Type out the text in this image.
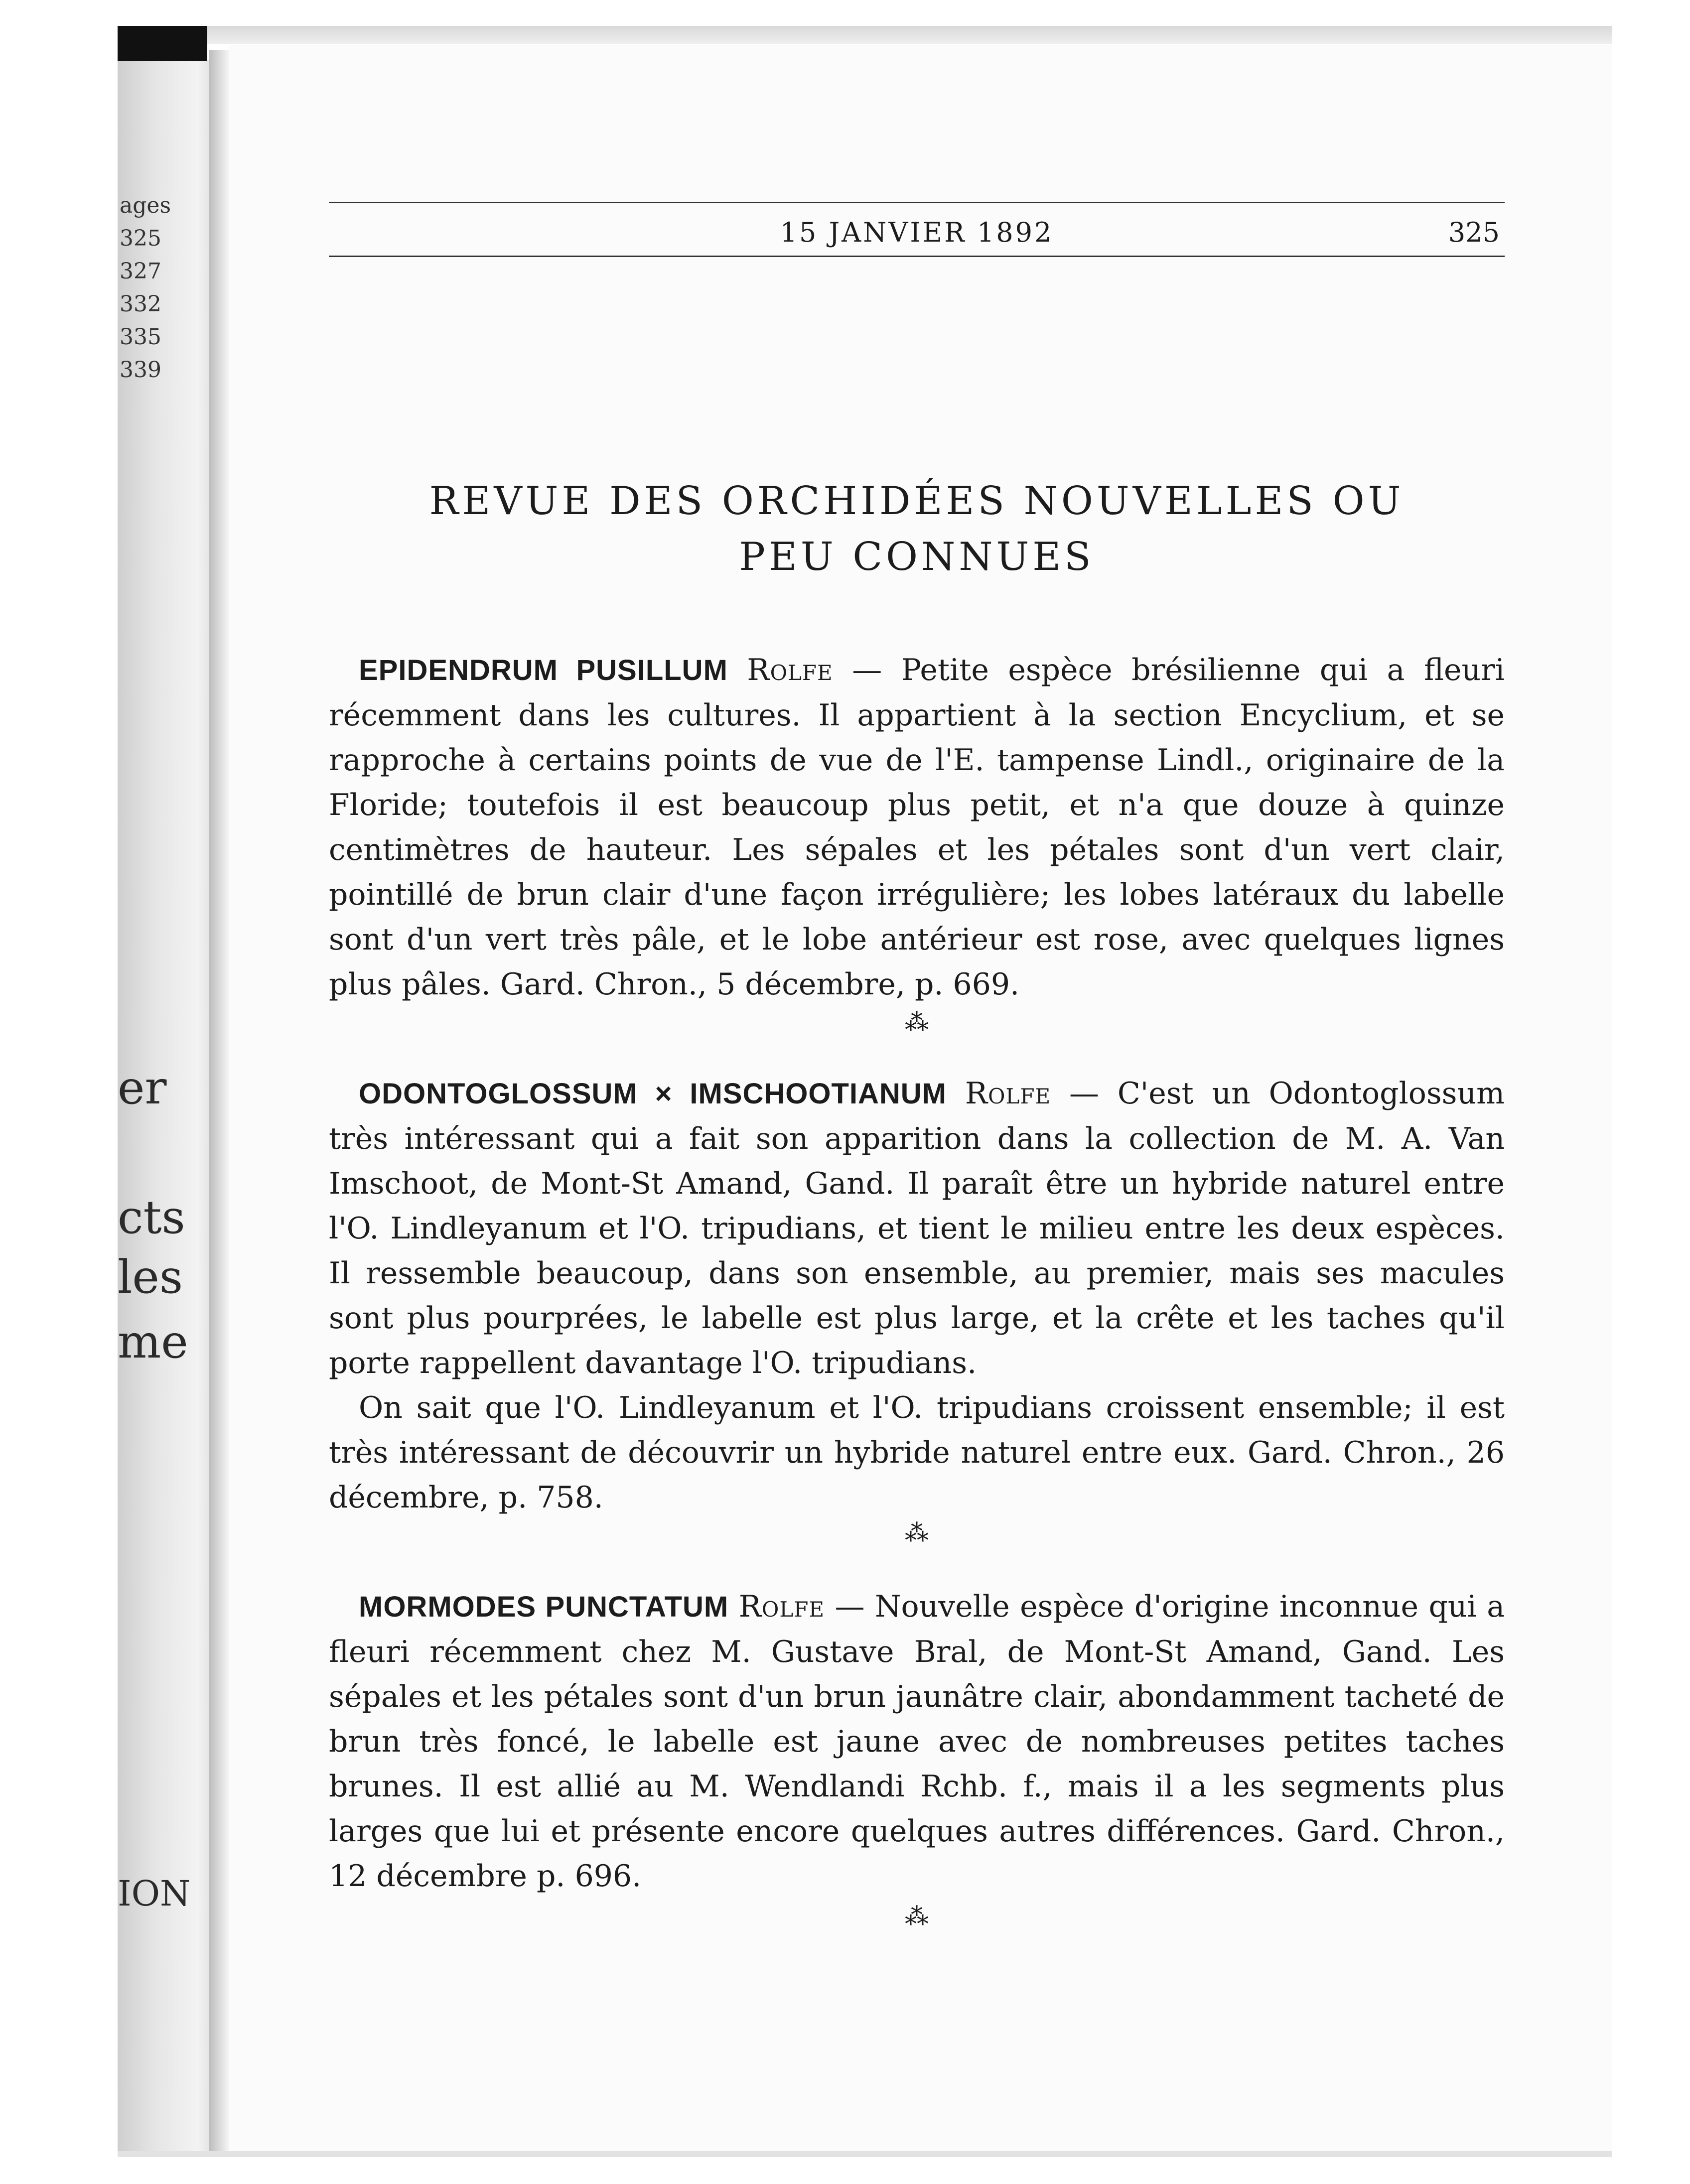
ages
325
327
332
335
339
er
cts
les
me
ION
15 JANVIER 1892	325
REVUE DES ORCHIDÉES NOUVELLES OU
PEU CONNUES

EPIDENDRUM PUSILLUM Rolfe — Petite espèce brésilienne qui a fleuri récemment dans les cultures. Il appartient à la section Encyclium, et se rapproche à certains points de vue de l'E. tampense Lindl., originaire de la Floride; toutefois il est beaucoup plus petit, et n'a que douze à quinze centimètres de hauteur. Les sépales et les pétales sont d'un vert clair, pointillé de brun clair d'une façon irrégulière; les lobes latéraux du labelle sont d'un vert très pâle, et le lobe antérieur est rose, avec quelques lignes plus pâles. Gard. Chron., 5 décembre, p. 669.

⁂

ODONTOGLOSSUM × IMSCHOOTIANUM Rolfe — C'est un Odontoglossum très intéressant qui a fait son apparition dans la collection de M. A. Van Imschoot, de Mont-St Amand, Gand. Il paraît être un hybride naturel entre l'O. Lindleyanum et l'O. tripudians, et tient le milieu entre les deux espèces. Il ressemble beaucoup, dans son ensemble, au premier, mais ses macules sont plus pourprées, le labelle est plus large, et la crête et les taches qu'il porte rappellent davantage l'O. tripudians.

On sait que l'O. Lindleyanum et l'O. tripudians croissent ensemble; il est très intéressant de découvrir un hybride naturel entre eux. Gard. Chron., 26 décembre, p. 758.

⁂

MORMODES PUNCTATUM Rolfe — Nouvelle espèce d'origine inconnue qui a fleuri récemment chez M. Gustave Bral, de Mont-St Amand, Gand. Les sépales et les pétales sont d'un brun jaunâtre clair, abondamment tacheté de brun très foncé, le labelle est jaune avec de nombreuses petites taches brunes. Il est allié au M. Wendlandi Rchb. f., mais il a les segments plus larges que lui et présente encore quelques autres différences. Gard. Chron., 12 décembre p. 696.

⁂
